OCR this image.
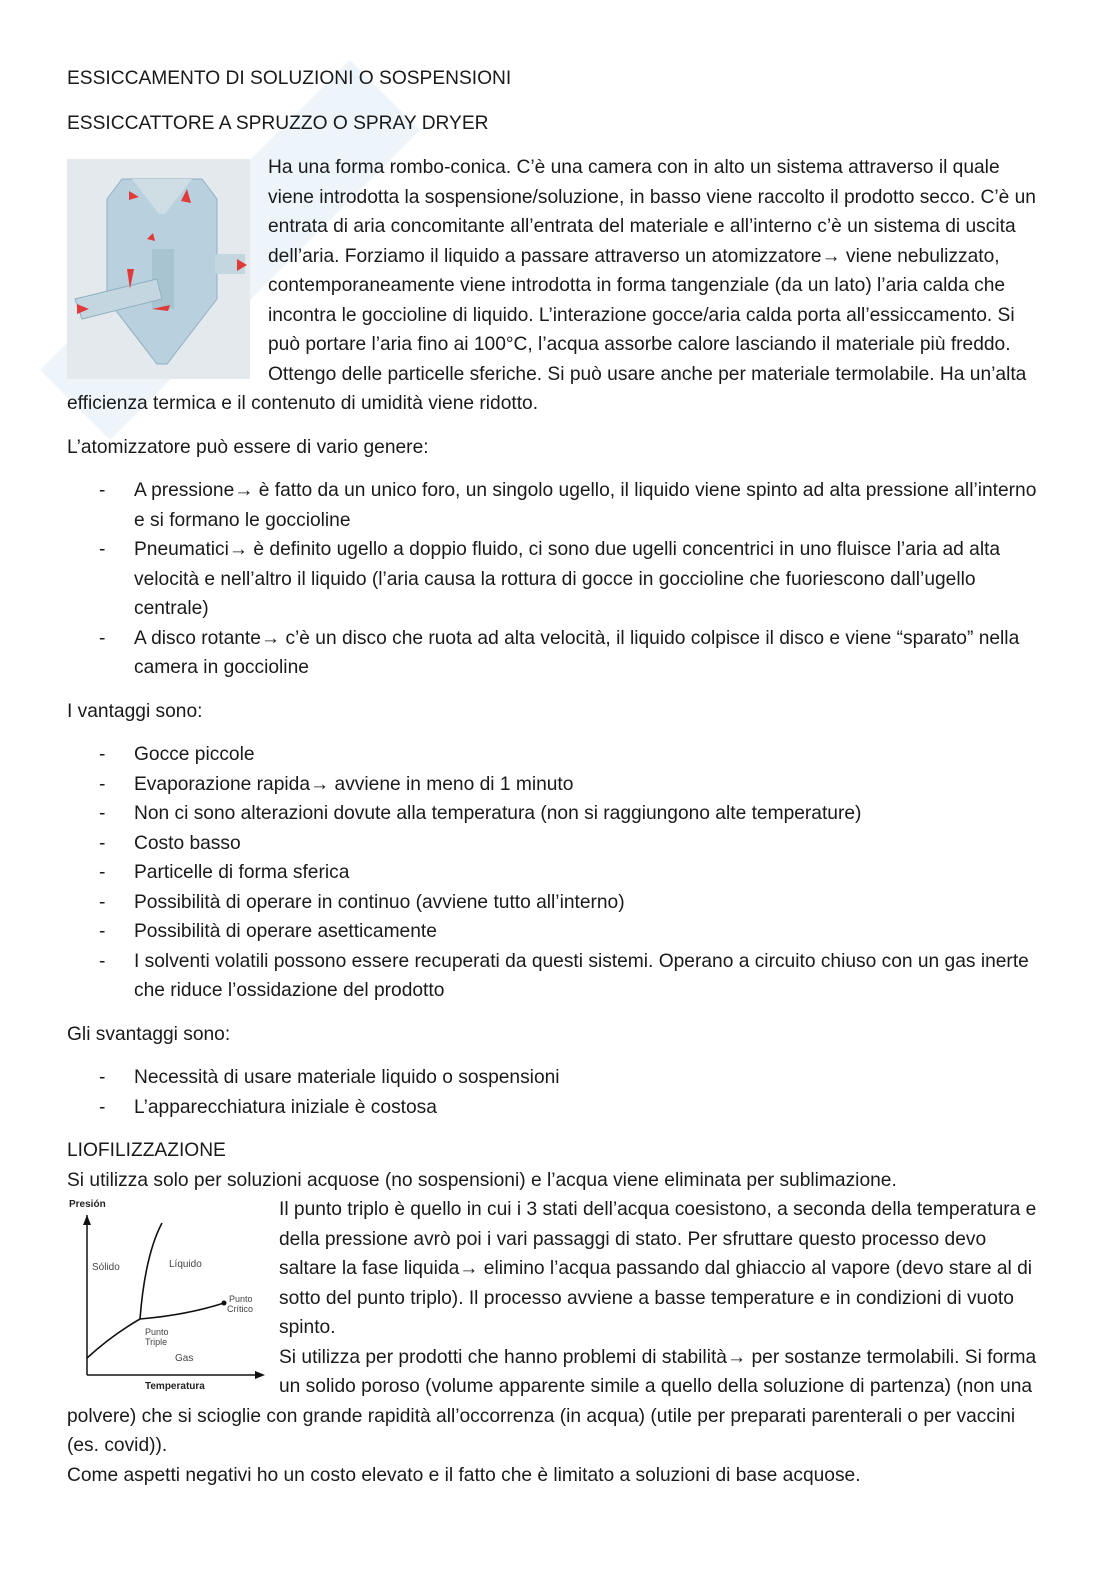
ESSICCAMENTO DI SOLUZIONI O SOSPENSIONI

ESSICCATTORE A SPRUZZO O SPRAY DRYER

Ha una forma rombo-conica. C’è una camera con in alto un sistema attraverso il quale viene introdotta la sospensione/soluzione, in basso viene raccolto il prodotto secco. C’è un entrata di aria concomitante all’entrata del materiale e all’interno c’è un sistema di uscita dell’aria. Forziamo il liquido a passare attraverso un atomizzatore→ viene nebulizzato, contemporaneamente viene introdotta in forma tangenziale (da un lato) l’aria calda che incontra le goccioline di liquido. L’interazione gocce/aria calda porta all’essiccamento. Si può portare l’aria fino ai 100°C, l’acqua assorbe calore lasciando il materiale più freddo. Ottengo delle particelle sferiche. Si può usare anche per materiale termolabile. Ha un’alta efficienza termica e il contenuto di umidità viene ridotto.

L’atomizzatore può essere di vario genere:

- A pressione→ è fatto da un unico foro, un singolo ugello, il liquido viene spinto ad alta pressione all’interno e si formano le goccioline
- Pneumatici→ è definito ugello a doppio fluido, ci sono due ugelli concentrici in uno fluisce l’aria ad alta velocità e nell’altro il liquido (l’aria causa la rottura di gocce in goccioline che fuoriescono dall’ugello centrale)
- A disco rotante→ c’è un disco che ruota ad alta velocità, il liquido colpisce il disco e viene “sparato” nella camera in goccioline

I vantaggi sono:

- Gocce piccole
- Evaporazione rapida→ avviene in meno di 1 minuto
- Non ci sono alterazioni dovute alla temperatura (non si raggiungono alte temperature)
- Costo basso
- Particelle di forma sferica
- Possibilità di operare in continuo (avviene tutto all’interno)
- Possibilità di operare asetticamente
- I solventi volatili possono essere recuperati da questi sistemi. Operano a circuito chiuso con un gas inerte che riduce l’ossidazione del prodotto

Gli svantaggi sono:

- Necessità di usare materiale liquido o sospensioni
- L’apparecchiatura iniziale è costosa

LIOFILIZZAZIONE

Si utilizza solo per soluzioni acquose (no sospensioni) e l’acqua viene eliminata per sublimazione.

Presión
Sólido	Líquido
Punto
Triple
Punto
Crítico
Gas
Temperatura

Il punto triplo è quello in cui i 3 stati dell’acqua coesistono, a seconda della temperatura e della pressione avrò poi i vari passaggi di stato. Per sfruttare questo processo devo saltare la fase liquida→ elimino l’acqua passando dal ghiaccio al vapore (devo stare al di sotto del punto triplo). Il processo avviene a basse temperature e in condizioni di vuoto spinto.

Si utilizza per prodotti che hanno problemi di stabilità→ per sostanze termolabili. Si forma un solido poroso (volume apparente simile a quello della soluzione di partenza) (non una polvere) che si scioglie con grande rapidità all’occorrenza (in acqua) (utile per preparati parenterali o per vaccini (es. covid)).

Come aspetti negativi ho un costo elevato e il fatto che è limitato a soluzioni di base acquose.
